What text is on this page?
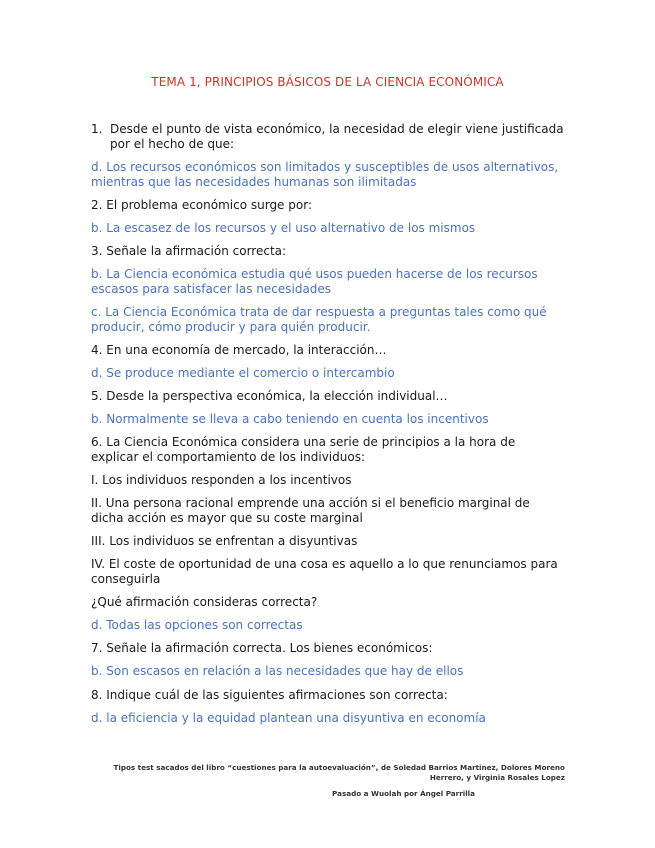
TEMA 1, PRINCIPIOS BÁSICOS DE LA CIENCIA ECONÓMICA
1. Desde el punto de vista económico, la necesidad de elegir viene justificada por el hecho de que:
d. Los recursos económicos son limitados y susceptibles de usos alternativos, mientras que las necesidades humanas son ilimitadas
2. El problema económico surge por:
b. La escasez de los recursos y el uso alternativo de los mismos
3. Señale la afirmación correcta:
b. La Ciencia económica estudia qué usos pueden hacerse de los recursos escasos para satisfacer las necesidades
c. La Ciencia Económica trata de dar respuesta a preguntas tales como qué producir, cómo producir y para quién producir.
4. En una economía de mercado, la interacción…
d. Se produce mediante el comercio o intercambio
5. Desde la perspectiva económica, la elección individual…
b. Normalmente se lleva a cabo teniendo en cuenta los incentivos
6. La Ciencia Económica considera una serie de principios a la hora de explicar el comportamiento de los individuos:
I. Los individuos responden a los incentivos
II. Una persona racional emprende una acción si el beneficio marginal de dicha acción es mayor que su coste marginal
III. Los individuos se enfrentan a disyuntivas
IV. El coste de oportunidad de una cosa es aquello a lo que renunciamos para conseguirla
¿Qué afirmación consideras correcta?
d. Todas las opciones son correctas
7. Señale la afirmación correcta. Los bienes económicos:
b. Son escasos en relación a las necesidades que hay de ellos
8. Indique cuál de las siguientes afirmaciones son correcta:
d. la eficiencia y la equidad plantean una disyuntiva en economía
Tipos test sacados del libro “cuestiones para la autoevaluación”, de Soledad Barrios Martinez, Dolores Moreno Herrero, y Virginia Rosales Lopez
Pasado a Wuolah por Ángel Parrilla
